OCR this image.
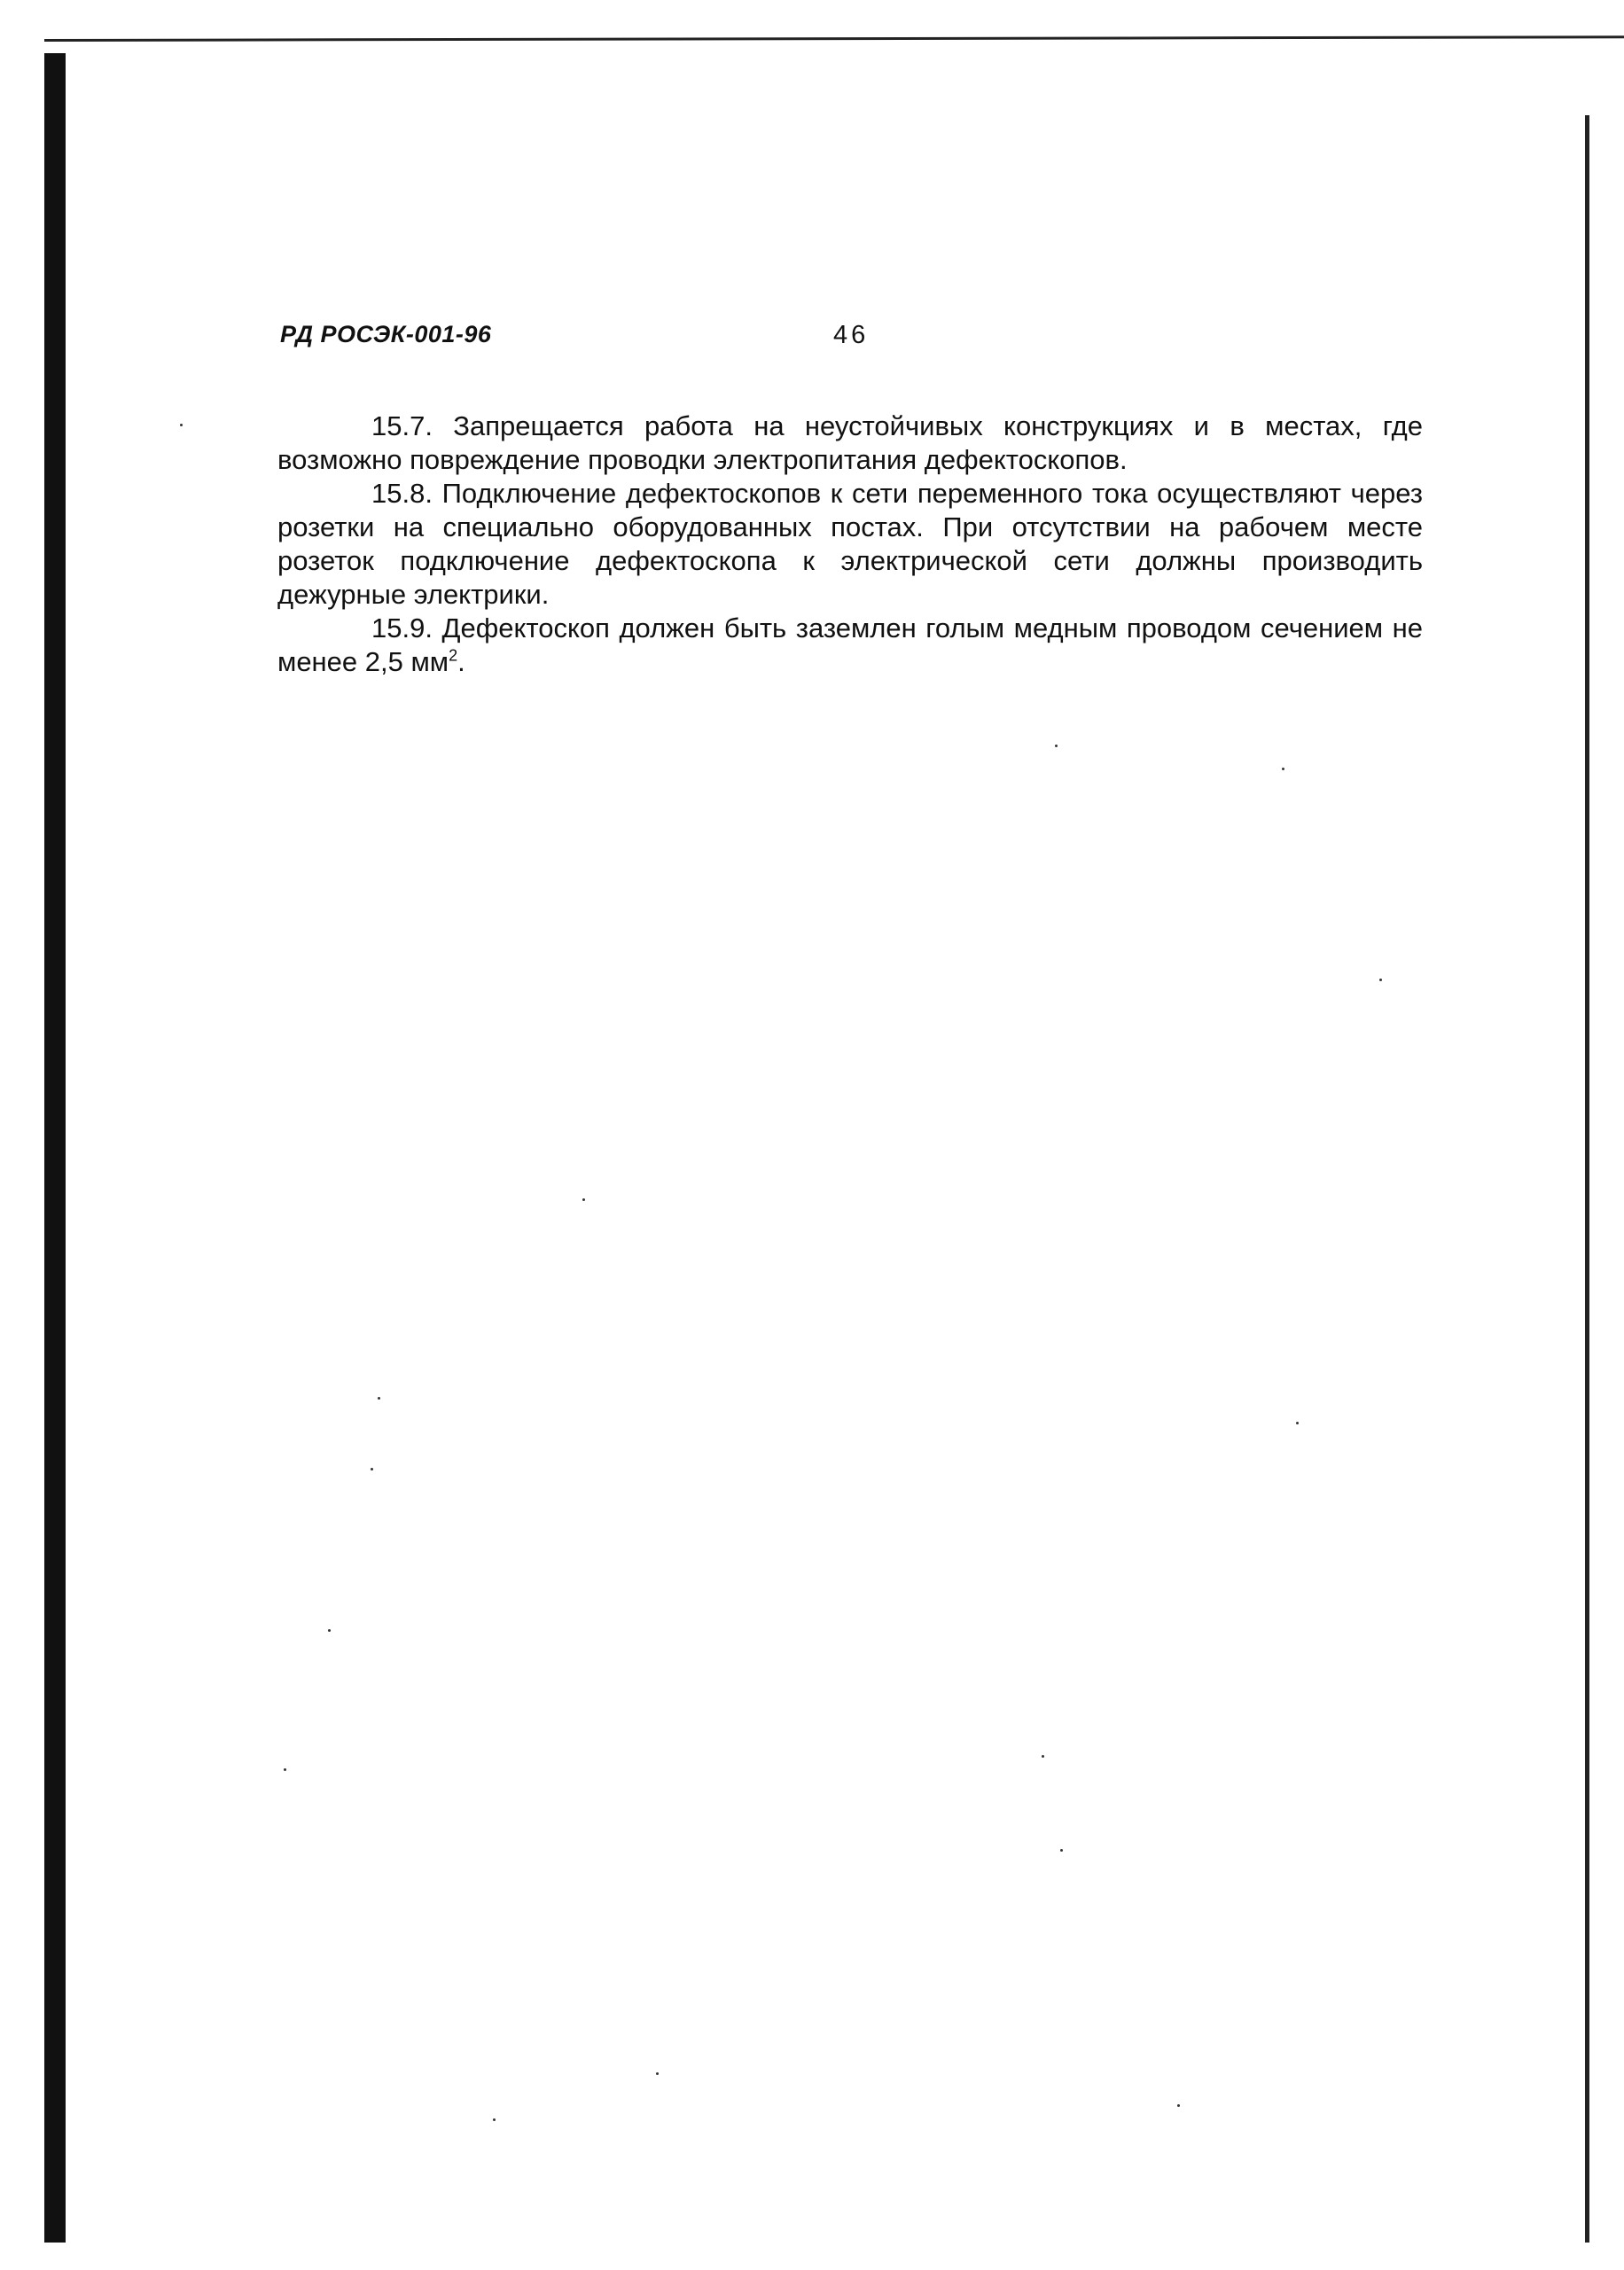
РД РОСЭК-001-96	46

15.7. Запрещается работа на неустойчивых конструкциях и в местах, где возможно повреждение проводки электропитания дефектоскопов.

15.8. Подключение дефектоскопов к сети переменного тока осуществляют через розетки на специально оборудованных постах. При отсутствии на рабочем месте розеток подключение дефектоскопа к электрической сети должны производить дежурные электрики.

15.9. Дефектоскоп должен быть заземлен голым медным проводом сечением не менее 2,5 $мм^2$.
